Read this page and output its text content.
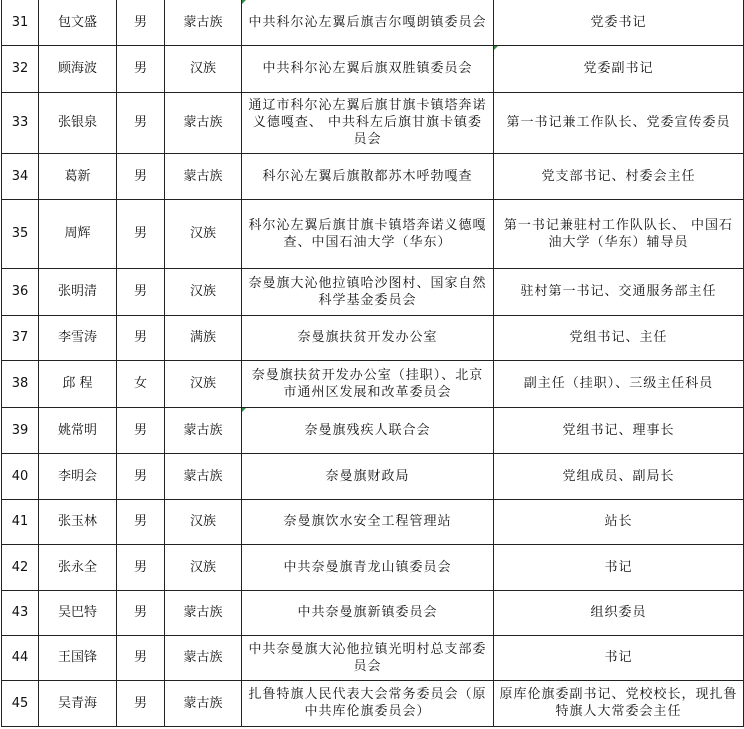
31	包文盛	男	蒙古族	中共科尔沁左翼后旗吉尔嘎朗镇委员会	党委书记
32	顾海波	男	汉族	中共科尔沁左翼后旗双胜镇委员会	党委副书记
33	张银泉	男	蒙古族	通辽市科尔沁左翼后旗甘旗卡镇塔奔诺义德嘎查、 中共科左后旗甘旗卡镇委员会	第一书记兼工作队长、党委宣传委员
34	葛新	男	蒙古族	科尔沁左翼后旗散都苏木呼勃嘎查	党支部书记、村委会主任
35	周辉	男	汉族	科尔沁左翼后旗甘旗卡镇塔奔诺义德嘎查、中国石油大学（华东）	第一书记兼驻村工作队队长、 中国石油大学（华东）辅导员
36	张明清	男	汉族	奈曼旗大沁他拉镇哈沙图村、国家自然科学基金委员会	驻村第一书记、交通服务部主任
37	李雪涛	男	满族	奈曼旗扶贫开发办公室	党组书记、主任
38	邱 程	女	汉族	奈曼旗扶贫开发办公室（挂职）、北京市通州区发展和改革委员会	副主任（挂职）、三级主任科员
39	姚常明	男	蒙古族	奈曼旗残疾人联合会	党组书记、理事长
40	李明会	男	蒙古族	奈曼旗财政局	党组成员、副局长
41	张玉林	男	汉族	奈曼旗饮水安全工程管理站	站长
42	张永全	男	汉族	中共奈曼旗青龙山镇委员会	书记
43	吴巴特	男	蒙古族	中共奈曼旗新镇委员会	组织委员
44	王国锋	男	蒙古族	中共奈曼旗大沁他拉镇光明村总支部委员会	书记
45	吴青海	男	蒙古族	扎鲁特旗人民代表大会常务委员会（原中共库伦旗委员会）	原库伦旗委副书记、党校校长，现扎鲁特旗人大常委会主任
